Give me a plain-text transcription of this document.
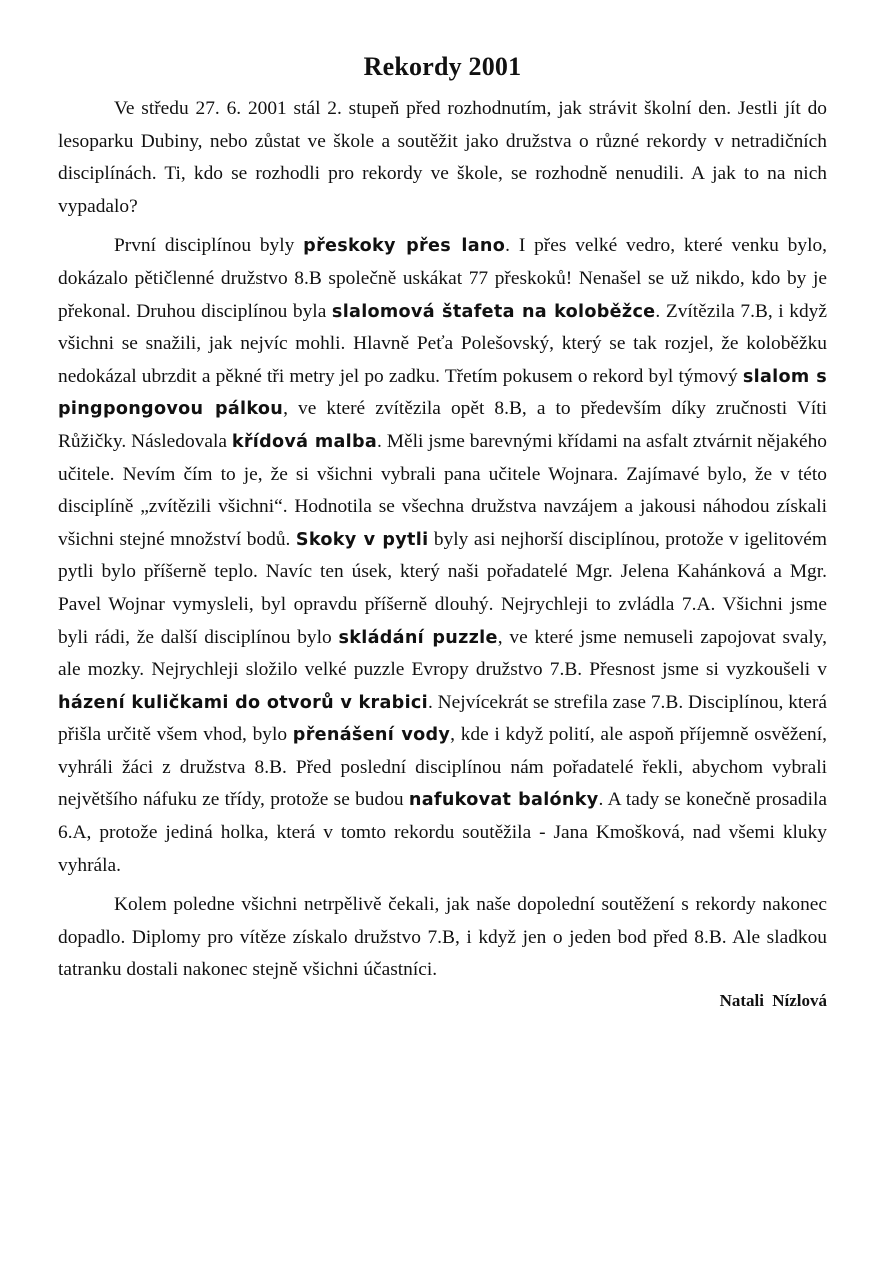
Rekordy 2001

Ve středu 27. 6. 2001 stál 2. stupeň před rozhodnutím, jak strávit školní den. Jestli jít do lesoparku Dubiny, nebo zůstat ve škole a soutěžit jako družstva o různé rekordy v netradičních disciplínách. Ti, kdo se rozhodli pro rekordy ve škole, se rozhodně nenudili. A jak to na nich vypadalo?

První disciplínou byly přeskoky přes lano. I přes velké vedro, které venku bylo, dokázalo pětičlenné družstvo 8.B společně uskákat 77 přeskoků! Nenašel se už nikdo, kdo by je překonal. Druhou disciplínou byla slalomová štafeta na koloběžce. Zvítězila 7.B, i když všichni se snažili, jak nejvíc mohli. Hlavně Peťa Polešovský, který se tak rozjel, že koloběžku nedokázal ubrzdit a pěkné tři metry jel po zadku. Třetím pokusem o rekord byl týmový slalom s pingpongovou pálkou, ve které zvítězila opět 8.B, a to především díky zručnosti Víti Růžičky. Následovala křídová malba. Měli jsme barevnými křídami na asfalt ztvárnit nějakého učitele. Nevím čím to je, že si všichni vybrali pana učitele Wojnara. Zajímavé bylo, že v této disciplíně „zvítězili všichni“. Hodnotila se všechna družstva navzájem a jakousi náhodou získali všichni stejné množství bodů. Skoky v pytli byly asi nejhorší disciplínou, protože v igelitovém pytli bylo příšerně teplo. Navíc ten úsek, který naši pořadatelé Mgr. Jelena Kahánková a Mgr. Pavel Wojnar vymysleli, byl opravdu příšerně dlouhý. Nejrychleji to zvládla 7.A. Všichni jsme byli rádi, že další disciplínou bylo skládání puzzle, ve které jsme nemuseli zapojovat svaly, ale mozky. Nejrychleji složilo velké puzzle Evropy družstvo 7.B. Přesnost jsme si vyzkoušeli v házení kuličkami do otvorů v krabici. Nejvícekrát se strefila zase 7.B. Disciplínou, která přišla určitě všem vhod, bylo přenášení vody, kde i když polití, ale aspoň příjemně osvěžení, vyhráli žáci z družstva 8.B. Před poslední disciplínou nám pořadatelé řekli, abychom vybrali největšího náfuku ze třídy, protože se budou nafukovat balónky. A tady se konečně prosadila 6.A, protože jediná holka, která v tomto rekordu soutěžila - Jana Kmošková, nad všemi kluky vyhrála.

Kolem poledne všichni netrpělivě čekali, jak naše dopolední soutěžení s rekordy nakonec dopadlo. Diplomy pro vítěze získalo družstvo 7.B, i když jen o jeden bod před 8.B. Ale sladkou tatranku dostali nakonec stejně všichni účastníci.

Natali Nízlová
